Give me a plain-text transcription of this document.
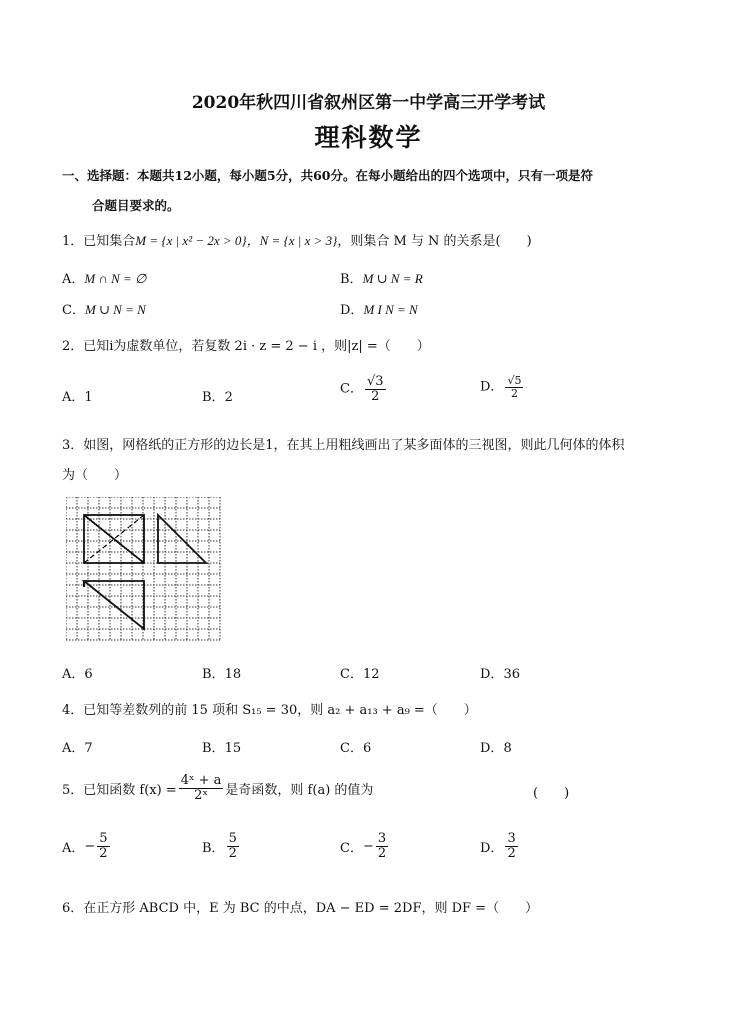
2020年秋四川省叙州区第一中学高三开学考试
理科数学
一、选择题：本题共12小题，每小题5分，共60分。在每小题给出的四个选项中，只有一项是符
合题目要求的。
1．已知集合M = {x | x² − 2x > 0}，N = {x | x > 3}，则集合 M 与 N 的关系是(　　)
A．M ∩ N = ∅	B．M ∪ N = R
C．M ∪ N = N	D．M I N = N
2．已知i为虚数单位，若复数 2i · z = 2 − i ，则|z| =（　　）
A．1	B．2
C． $\frac{√3}{2}$	D． $\frac{√5}{2}$
3．如图，网格纸的正方形的边长是1，在其上用粗线画出了某多面体的三视图，则此几何体的体积
为（　　）
A．6	B．18	C．12	D．36
4．已知等差数列的前 15 项和 S₁₅ = 30，则 a₂ + a₁₃ + a₉ =（　　）
A．7	B．15	C．6	D．8
5．已知函数 $f(x) = \frac{\text{4ˣ + a}}{\text{2ˣ}}$ 是奇函数，则 f(a) 的值为	(　　)
A． − $\frac{5}{2}$	B． $\frac{5}{2}$	C． − $\frac{3}{2}$	D． $\frac{3}{2}$
6．在正方形 ABCD 中，E 为 BC 的中点，DA − ED = 2DF，则 DF =（　　）
